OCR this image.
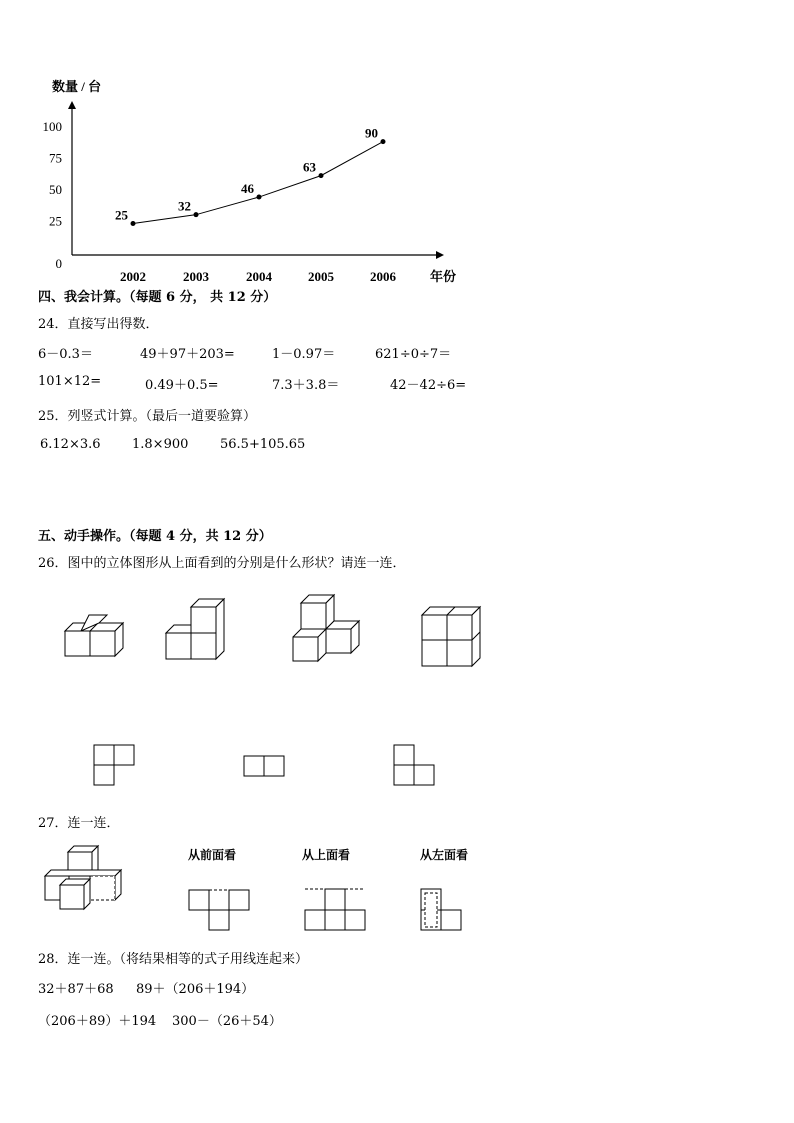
数量 / 台
年份
0
25
50
75
100
2002	2003	2004	2005	2006
25
32
46
63
90
四、我会计算。（每题 6 分， 共 12 分）
24．直接写出得数．
6－0.3＝	49＋97＋203=	1－0.97＝	621÷0÷7＝
101×12=	0.49＋0.5=	7.3＋3.8＝	42－42÷6=
25．列竖式计算。（最后一道要验算）
6.12×3.6 1.8×900 56.5+105.65
五、动手操作。（每题 4 分，共 12 分）
26．图中的立体图形从上面看到的分别是什么形状？请连一连．
27．连一连．
从前面看	从上面看	从左面看
28．连一连。（将结果相等的式子用线连起来）
32＋87＋68 89＋（206＋194）
（206＋89）＋194 300－（26＋54）
